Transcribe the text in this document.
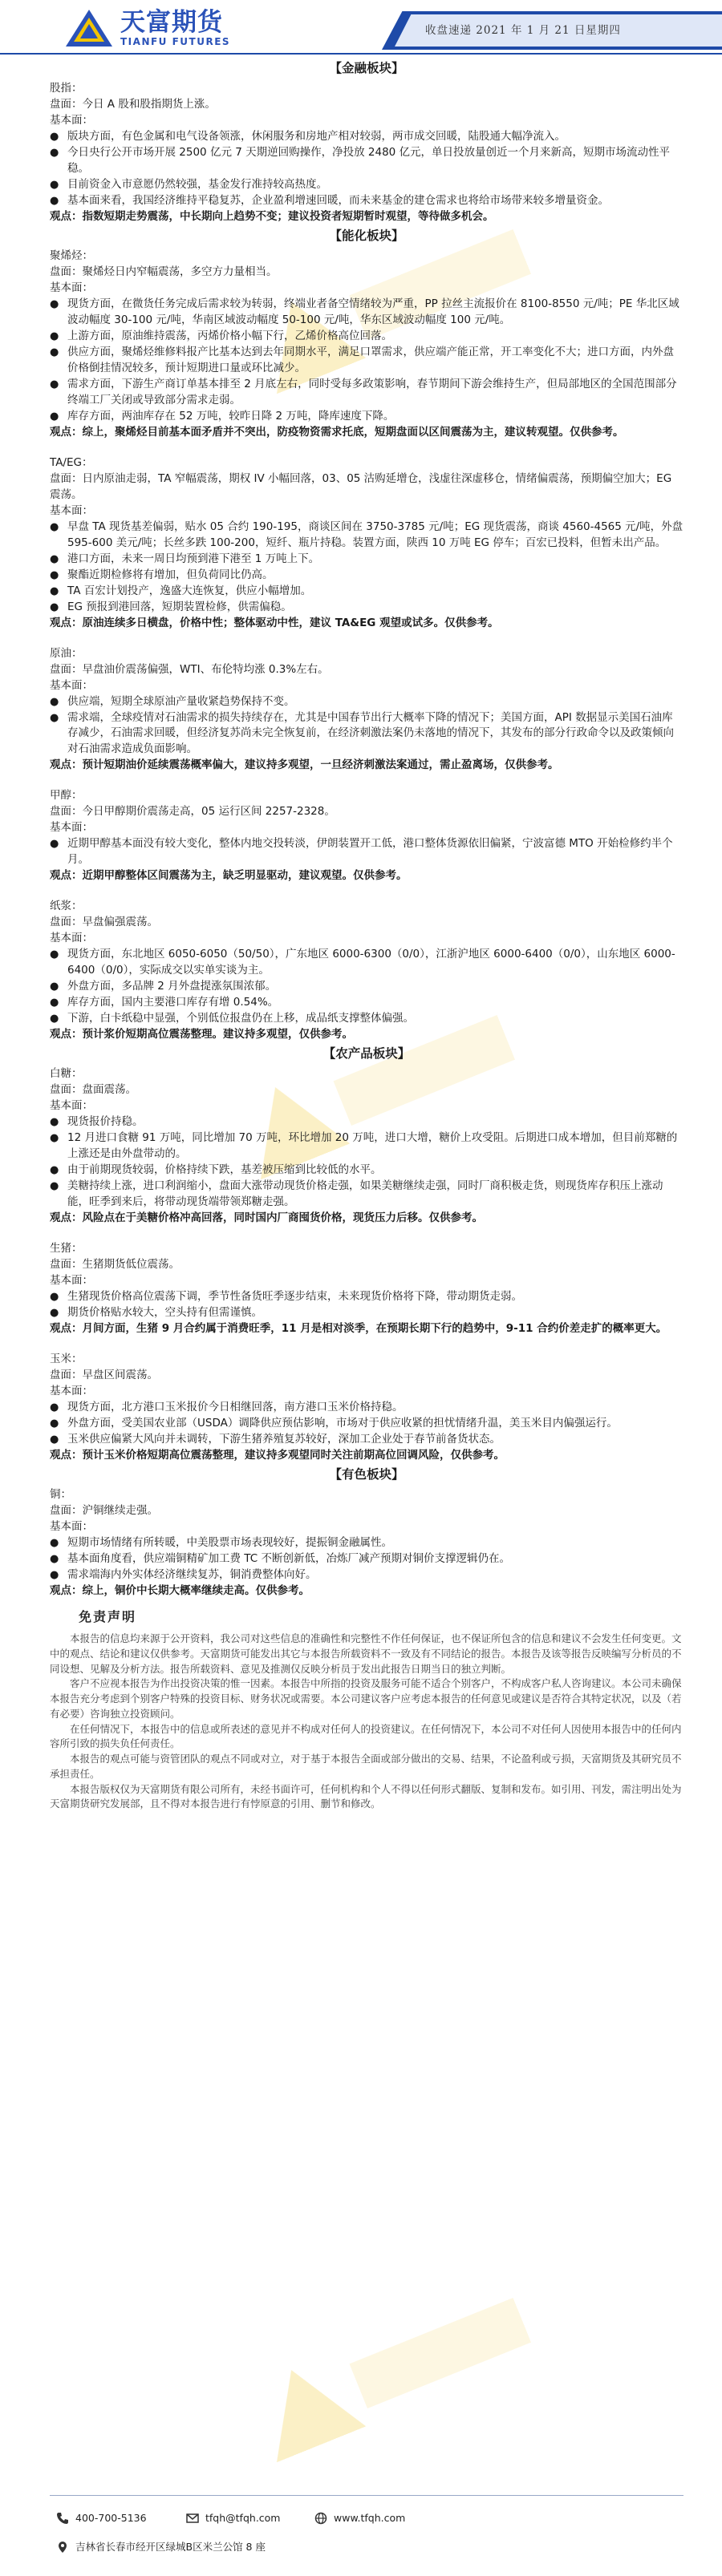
天富期货
TIANFU FUTURES
收盘速递 2021 年 1 月 21 日星期四
【金融板块】
股指：
盘面：今日 A 股和股指期货上涨。
基本面：
● 版块方面，有色金属和电气设备领涨，休闲服务和房地产相对较弱，两市成交回暖，陆股通大幅净流入。
● 今日央行公开市场开展 2500 亿元 7 天期逆回购操作，净投放 2480 亿元，单日投放量创近一个月来新高，短期市场流动性平稳。
● 目前资金入市意愿仍然较强，基金发行准持较高热度。
● 基本面来看，我国经济维持平稳复苏，企业盈利增速回暖，而未来基金的建仓需求也将给市场带来较多增量资金。
观点：指数短期走势震荡，中长期向上趋势不变；建议投资者短期暂时观望，等待做多机会。
【能化板块】
聚烯烃：
盘面：聚烯烃日内窄幅震荡，多空方力量相当。
基本面：
● 现货方面，在微货任务完成后需求较为转弱，终端业者备空情绪较为严重，PP 拉丝主流报价在 8100-8550 元/吨；PE 华北区域波动幅度 30-100 元/吨，华南区域波动幅度 50-100 元/吨，华东区域波动幅度 100 元/吨。
● 上游方面，原油维持震荡，丙烯价格小幅下行，乙烯价格高位回落。
● 供应方面，聚烯烃维修料报产比基本达到去年同期水平，满足口罩需求，供应端产能正常，开工率变化不大；进口方面，内外盘价格倒挂情况较多，预计短期进口量或环比减少。
● 需求方面，下游生产商订单基本排至 2 月底左右，同时受每多政策影响，春节期间下游会维持生产，但局部地区的全国范围部分终端工厂关闭或导致部分需求走弱。
● 库存方面，两油库存在 52 万吨，较昨日降 2 万吨，降库速度下降。
观点：综上，聚烯烃目前基本面矛盾并不突出，防疫物资需求托底，短期盘面以区间震荡为主，建议转观望。仅供参考。
TA/EG：
盘面：日内原油走弱，TA 窄幅震荡，期权 IV 小幅回落，03、05 沽购延增仓，浅虚往深虚移仓，情绪偏震荡，预期偏空加大；EG 震荡。
基本面：
● 早盘 TA 现货基差偏弱，贴水 05 合约 190-195，商谈区间在 3750-3785 元/吨；EG 现货震荡，商谈 4560-4565 元/吨，外盘 595-600 美元/吨；长丝多跌 100-200，短纤、瓶片持稳。装置方面，陕西 10 万吨 EG 停车；百宏已投料，但暂未出产品。
● 港口方面，未来一周日均预到港下港至 1 万吨上下。
● 聚酯近期检修将有增加，但负荷同比仍高。
● TA 百宏计划投产，逸盛大连恢复，供应小幅增加。
● EG 预报到港回落，短期装置检修，供需偏稳。
观点：原油连续多日横盘，价格中性；整体驱动中性，建议 TA&EG 观望或试多。仅供参考。
原油：
盘面：早盘油价震荡偏强，WTI、布伦特均涨 0.3%左右。
基本面：
● 供应端，短期全球原油产量收紧趋势保持不变。
● 需求端，全球疫情对石油需求的损失持续存在，尤其是中国春节出行大概率下降的情况下；美国方面，API 数据显示美国石油库存减少，石油需求回暖，但经济复苏尚未完全恢复前，在经济刺激法案仍未落地的情况下，其发布的部分行政命令以及政策倾向对石油需求造成负面影响。
观点：预计短期油价延续震荡概率偏大，建议持多观望，一旦经济刺激法案通过，需止盈离场，仅供参考。
甲醇：
盘面：今日甲醇期价震荡走高，05 运行区间 2257-2328。
基本面：
● 近期甲醇基本面没有较大变化，整体内地交投转淡，伊朗装置开工低，港口整体货源依旧偏紧，宁波富德 MTO 开始检修约半个月。
观点：近期甲醇整体区间震荡为主，缺乏明显驱动，建议观望。仅供参考。
纸浆：
盘面：早盘偏强震荡。
基本面：
● 现货方面，东北地区 6050-6050（50/50），广东地区 6000-6300（0/0），江浙沪地区 6000-6400（0/0），山东地区 6000-6400（0/0），实际成交以实单实谈为主。
● 外盘方面，多品牌 2 月外盘提涨氛围浓郁。
● 库存方面，国内主要港口库存有增 0.54%。
● 下游，白卡纸稳中显强，个别低位报盘仍在上移，成品纸支撑整体偏强。
观点：预计浆价短期高位震荡整理。建议持多观望，仅供参考。
【农产品板块】
白糖：
盘面：盘面震荡。
基本面：
● 现货报价持稳。
● 12 月进口食糖 91 万吨，同比增加 70 万吨，环比增加 20 万吨，进口大增，糖价上攻受阻。后期进口成本增加，但目前郑糖的上涨还是由外盘带动的。
● 由于前期现货较弱，价格持续下跌，基差被压缩到比较低的水平。
● 美糖持续上涨，进口利润缩小，盘面大涨带动现货价格走强，如果美糖继续走强，同时厂商积极走货，则现货库存积压上涨动能，旺季到来后，将带动现货端带领郑糖走强。
观点：风险点在于美糖价格冲高回落，同时国内厂商囤货价格，现货压力后移。仅供参考。
生猪：
盘面：生猪期货低位震荡。
基本面：
● 生猪现货价格高位震荡下调，季节性备货旺季逐步结束，未来现货价格将下降，带动期货走弱。
● 期货价格贴水较大，空头持有但需谨慎。
观点：月间方面，生猪 9 月合约属于消费旺季，11 月是相对淡季，在预期长期下行的趋势中，9-11 合约价差走扩的概率更大。
玉米：
盘面：早盘区间震荡。
基本面：
● 现货方面，北方港口玉米报价今日相继回落，南方港口玉米价格持稳。
● 外盘方面，受美国农业部（USDA）调降供应预估影响，市场对于供应收紧的担忧情绪升温，美玉米目内偏强运行。
● 玉米供应偏紧大风向并未调转，下游生猪养殖复苏较好，深加工企业处于春节前备货状态。
观点：预计玉米价格短期高位震荡整理，建议持多观望同时关注前期高位回调风险，仅供参考。
【有色板块】
铜：
盘面：沪铜继续走强。
基本面：
● 短期市场情绪有所转暖，中美股票市场表现较好，提振铜金融属性。
● 基本面角度看，供应端铜精矿加工费 TC 不断创新低，冶炼厂减产预期对铜价支撑逻辑仍在。
● 需求端海内外实体经济继续复苏，铜消费整体向好。
观点：综上，铜价中长期大概率继续走高。仅供参考。
免责声明

本报告的信息均来源于公开资料，我公司对这些信息的准确性和完整性不作任何保证，也不保证所包含的信息和建议不会发生任何变更。文中的观点、结论和建议仅供参考。天富期货可能发出其它与本报告所载资料不一致及有不同结论的报告。本报告及该等报告反映编写分析员的不同设想、见解及分析方法。报告所载资料、意见及推测仅反映分析员于发出此报告日期当日的独立判断。

客户不应视本报告为作出投资决策的惟一因素。本报告中所指的投资及服务可能不适合个别客户，不构成客户私人咨询建议。本公司未确保本报告充分考虑到个别客户特殊的投资目标、财务状况或需要。本公司建议客户应考虑本报告的任何意见或建议是否符合其特定状况，以及（若有必要）咨询独立投资顾问。

在任何情况下，本报告中的信息或所表述的意见并不构成对任何人的投资建议。在任何情况下，本公司不对任何人因使用本报告中的任何内容所引致的损失负任何责任。

本报告的观点可能与资管团队的观点不同或对立，对于基于本报告全面或部分做出的交易、结果，不论盈利或亏损，天富期货及其研究员不承担责任。

本报告版权仅为天富期货有限公司所有，未经书面许可，任何机构和个人不得以任何形式翻版、复制和发布。如引用、刊发，需注明出处为天富期货研究发展部，且不得对本报告进行有悖原意的引用、删节和修改。

400-700-5136	tfqh@tfqh.com	www.tfqh.com
吉林省长春市经开区绿城B区米兰公馆 8 座
